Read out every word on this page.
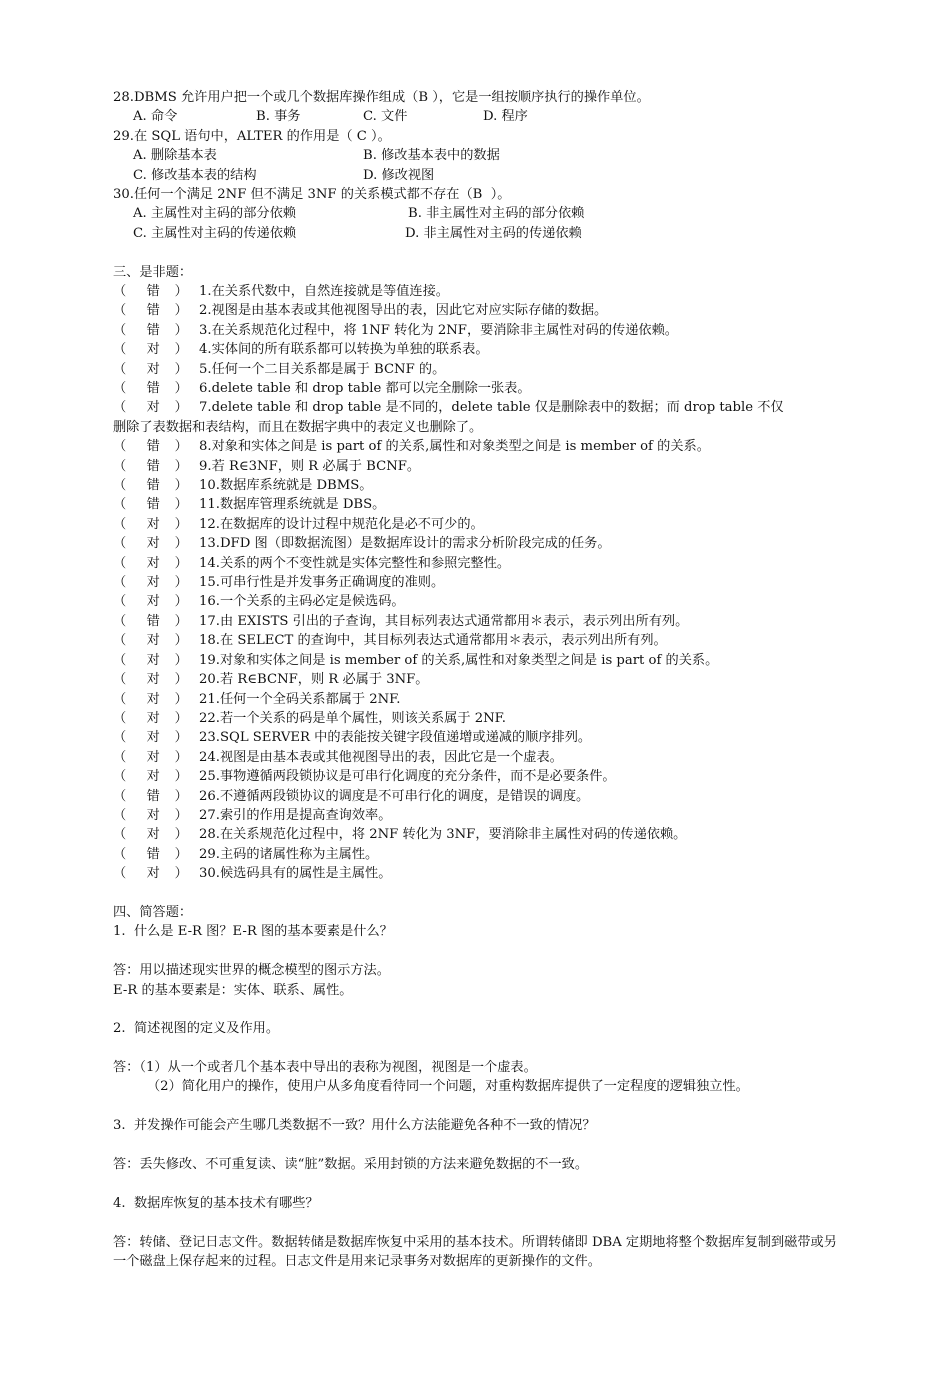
28.DBMS 允许用户把一个或几个数据库操作组成（B ），它是一组按顺序执行的操作单位。
A. 命令	B. 事务	C. 文件	D. 程序
29.在 SQL 语句中，ALTER 的作用是（ C ）。
A. 删除基本表	B. 修改基本表中的数据
C. 修改基本表的结构	D. 修改视图
30.任何一个满足 2NF 但不满足 3NF 的关系模式都不存在（B  ）。
A. 主属性对主码的部分依赖	B. 非主属性对主码的部分依赖
C. 主属性对主码的传递依赖	D. 非主属性对主码的传递依赖
三、是非题：
（ 错  ） 1.在关系代数中，自然连接就是等值连接。
（ 错  ） 2.视图是由基本表或其他视图导出的表，因此它对应实际存储的数据。
（ 错  ） 3.在关系规范化过程中，将 1NF 转化为 2NF，要消除非主属性对码的传递依赖。
（ 对  ） 4.实体间的所有联系都可以转换为单独的联系表。
（ 对  ） 5.任何一个二目关系都是属于 BCNF 的。
（ 错  ） 6.delete table 和 drop table 都可以完全删除一张表。
（ 对  ） 7.delete table 和 drop table 是不同的，delete table 仅是删除表中的数据；而 drop table 不仅
删除了表数据和表结构，而且在数据字典中的表定义也删除了。
（ 错  ） 8.对象和实体之间是 is part of 的关系,属性和对象类型之间是 is member of 的关系。
（ 错  ） 9.若 R∈3NF，则 R 必属于 BCNF。
（ 错  ） 10.数据库系统就是 DBMS。
（ 错  ） 11.数据库管理系统就是 DBS。
（ 对  ） 12.在数据库的设计过程中规范化是必不可少的。
（ 对  ） 13.DFD 图（即数据流图）是数据库设计的需求分析阶段完成的任务。
（ 对  ） 14.关系的两个不变性就是实体完整性和参照完整性。
（ 对  ） 15.可串行性是并发事务正确调度的准则。
（ 对  ） 16.一个关系的主码必定是候选码。
（ 错  ） 17.由 EXISTS 引出的子查询，其目标列表达式通常都用＊表示，表示列出所有列。
（ 对  ） 18.在 SELECT 的查询中，其目标列表达式通常都用＊表示，表示列出所有列。
（ 对  ） 19.对象和实体之间是 is member of 的关系,属性和对象类型之间是 is part of 的关系。
（ 对  ） 20.若 R∈BCNF，则 R 必属于 3NF。
（ 对  ） 21.任何一个全码关系都属于 2NF.
（ 对  ） 22.若一个关系的码是单个属性，则该关系属于 2NF.
（ 对  ） 23.SQL SERVER 中的表能按关键字段值递增或递减的顺序排列。
（ 对  ） 24.视图是由基本表或其他视图导出的表，因此它是一个虚表。
（ 对  ） 25.事物遵循两段锁协议是可串行化调度的充分条件，而不是必要条件。
（ 错  ） 26.不遵循两段锁协议的调度是不可串行化的调度，是错误的调度。
（ 对  ） 27.索引的作用是提高查询效率。
（ 对  ） 28.在关系规范化过程中，将 2NF 转化为 3NF，要消除非主属性对码的传递依赖。
（ 错  ） 29.主码的诸属性称为主属性。
（ 对  ） 30.候选码具有的属性是主属性。
四、简答题：
1.  什么是 E-R 图？E-R 图的基本要素是什么？
答：用以描述现实世界的概念模型的图示方法。
E-R 的基本要素是：实体、联系、属性。
2.  简述视图的定义及作用。
答：（1）从一个或者几个基本表中导出的表称为视图，视图是一个虚表。
（2）简化用户的操作，使用户从多角度看待同一个问题，对重构数据库提供了一定程度的逻辑独立性。
3.  并发操作可能会产生哪几类数据不一致？用什么方法能避免各种不一致的情况？
答：丢失修改、不可重复读、读“脏”数据。采用封锁的方法来避免数据的不一致。
4.  数据库恢复的基本技术有哪些？
答：转储、登记日志文件。数据转储是数据库恢复中采用的基本技术。所谓转储即 DBA 定期地将整个数据库复制到磁带或另一个磁盘上保存起来的过程。日志文件是用来记录事务对数据库的更新操作的文件。
